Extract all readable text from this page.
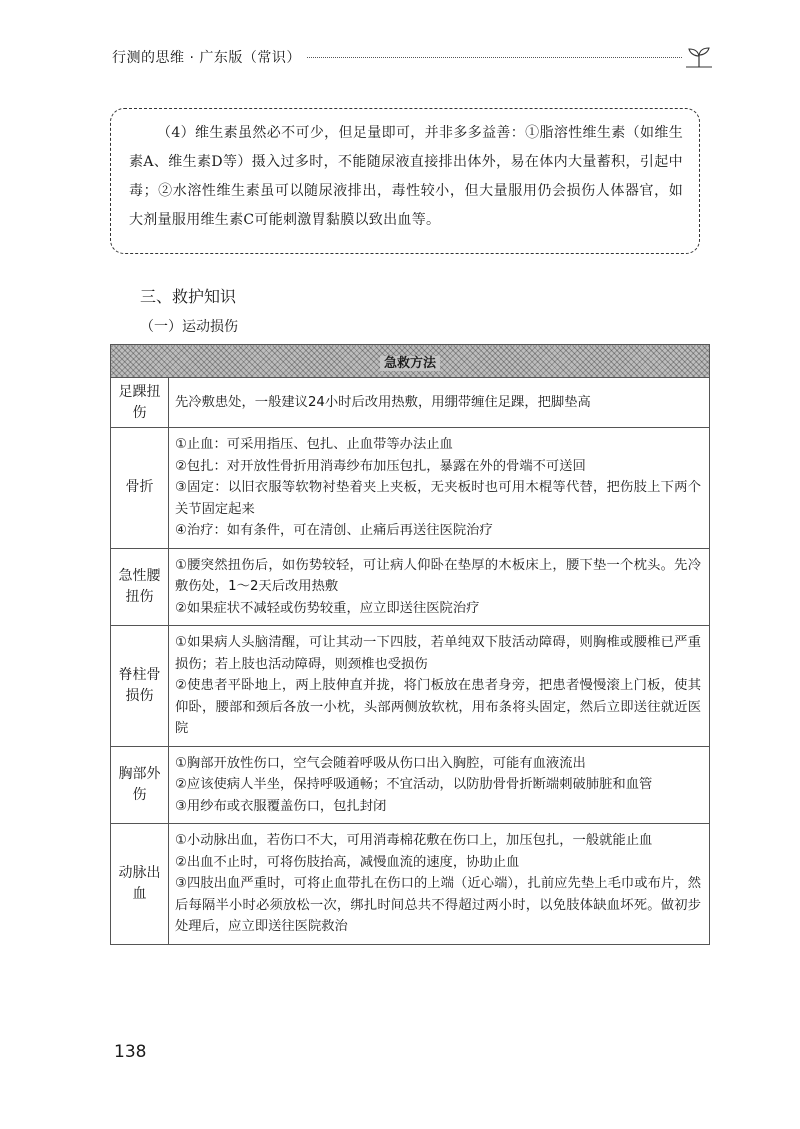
行测的思维 · 广东版（常识）

（4）维生素虽然必不可少，但足量即可，并非多多益善：①脂溶性维生素（如维生素A、维生素D等）摄入过多时，不能随尿液直接排出体外，易在体内大量蓄积，引起中毒；②水溶性维生素虽可以随尿液排出，毒性较小，但大量服用仍会损伤人体器官，如大剂量服用维生素C可能刺激胃黏膜以致出血等。

三、救护知识
（一）运动损伤
急救方法	
足踝扭伤	先冷敷患处，一般建议24小时后改用热敷，用绷带缠住足踝，把脚垫高

骨折	①止血：可采用指压、包扎、止血带等办法止血
②包扎：对开放性骨折用消毒纱布加压包扎，暴露在外的骨端不可送回
③固定：以旧衣服等软物衬垫着夹上夹板，无夹板时也可用木棍等代替，把伤肢上下两个关节固定起来
④治疗：如有条件，可在清创、止痛后再送往医院治疗

急性腰扭伤	①腰突然扭伤后，如伤势较轻，可让病人仰卧在垫厚的木板床上，腰下垫一个枕头。先冷敷伤处，1～2天后改用热敷
②如果症状不减轻或伤势较重，应立即送往医院治疗

脊柱骨损伤	①如果病人头脑清醒，可让其动一下四肢，若单纯双下肢活动障碍，则胸椎或腰椎已严重损伤；若上肢也活动障碍，则颈椎也受损伤
②使患者平卧地上，两上肢伸直并拢，将门板放在患者身旁，把患者慢慢滚上门板，使其仰卧，腰部和颈后各放一小枕，头部两侧放软枕，用布条将头固定，然后立即送往就近医院

胸部外伤	①胸部开放性伤口，空气会随着呼吸从伤口出入胸腔，可能有血液流出
②应该使病人半坐，保持呼吸通畅；不宜活动，以防肋骨骨折断端刺破肺脏和血管
③用纱布或衣服覆盖伤口，包扎封闭

动脉出血	①小动脉出血，若伤口不大，可用消毒棉花敷在伤口上，加压包扎，一般就能止血
②出血不止时，可将伤肢抬高，减慢血流的速度，协助止血
③四肢出血严重时，可将止血带扎在伤口的上端（近心端），扎前应先垫上毛巾或布片，然后每隔半小时必须放松一次，绑扎时间总共不得超过两小时，以免肢体缺血坏死。做初步处理后，应立即送往医院救治
138
